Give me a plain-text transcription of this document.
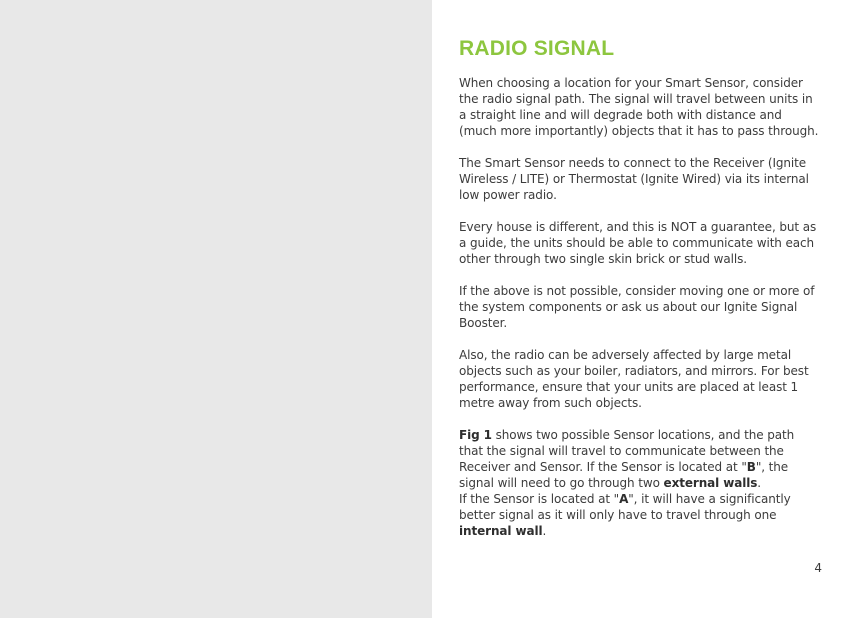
RADIO SIGNAL

When choosing a location for your Smart Sensor, consider the radio signal path. The signal will travel between units in a straight line and will degrade both with distance and (much more importantly) objects that it has to pass through.

The Smart Sensor needs to connect to the Receiver (Ignite Wireless / LITE) or Thermostat (Ignite Wired) via its internal low power radio.

Every house is different, and this is NOT a guarantee, but as a guide, the units should be able to communicate with each other through two single skin brick or stud walls.

If the above is not possible, consider moving one or more of the system components or ask us about our Ignite Signal Booster.

Also, the radio can be adversely affected by large metal objects such as your boiler, radiators, and mirrors. For best performance, ensure that your units are placed at least 1 metre away from such objects.

Fig 1 shows two possible Sensor locations, and the path that the signal will travel to communicate between the Receiver and Sensor. If the Sensor is located at "B", the signal will need to go through two external walls.
If the Sensor is located at "A", it will have a significantly better signal as it will only have to travel through one internal wall.

4
